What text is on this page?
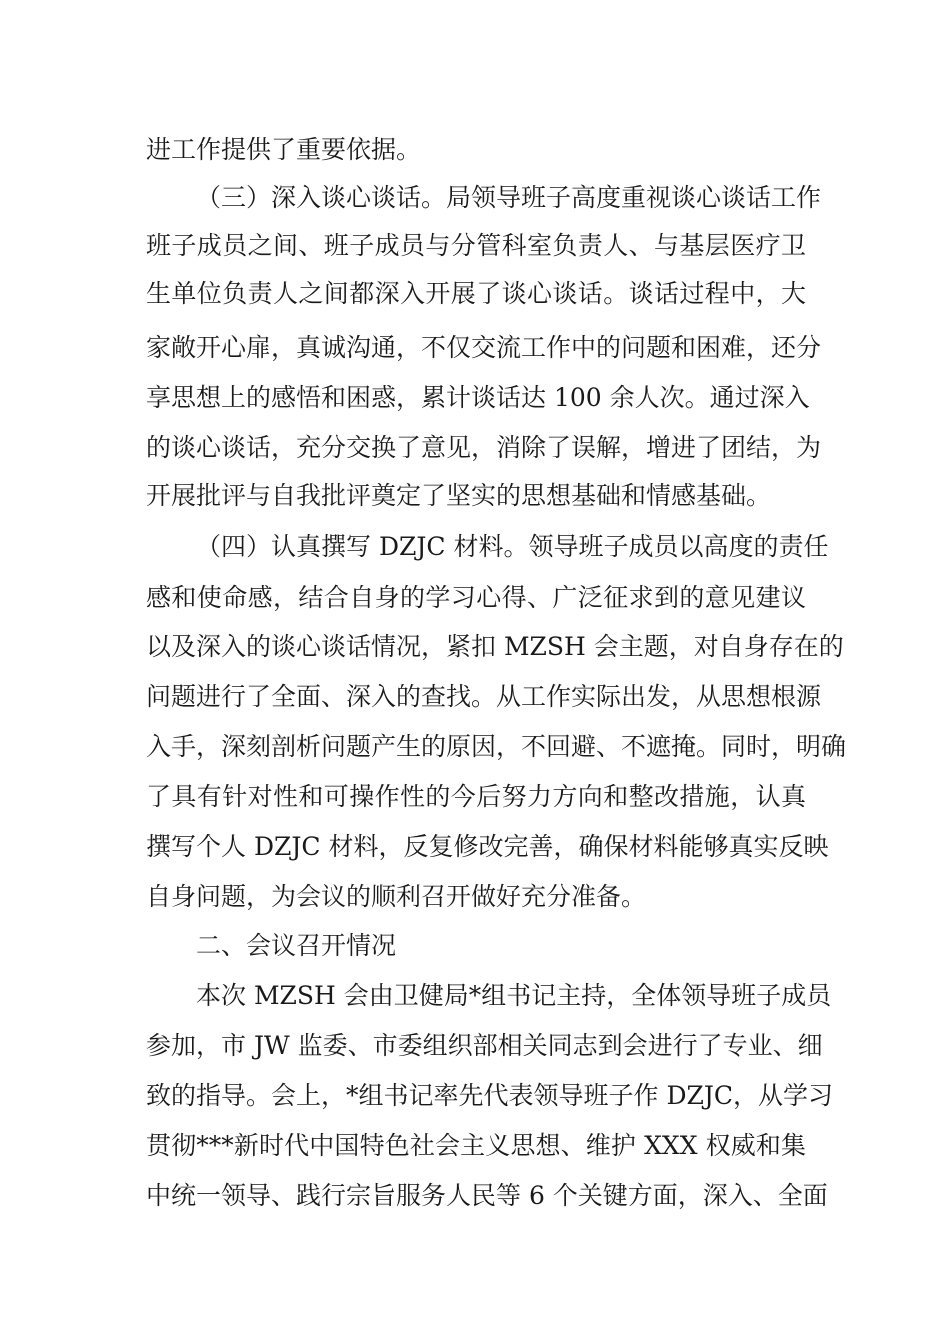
进工作提供了重要依据。
（三）深入谈心谈话。局领导班子高度重视谈心谈话工作
班子成员之间、班子成员与分管科室负责人、与基层医疗卫
生单位负责人之间都深入开展了谈心谈话。谈话过程中，大
家敞开心扉，真诚沟通，不仅交流工作中的问题和困难，还分
享思想上的感悟和困惑，累计谈话达 100 余人次。通过深入
的谈心谈话，充分交换了意见，消除了误解，增进了团结，为
开展批评与自我批评奠定了坚实的思想基础和情感基础。
（四）认真撰写 DZJC 材料。领导班子成员以高度的责任
感和使命感，结合自身的学习心得、广泛征求到的意见建议
以及深入的谈心谈话情况，紧扣 MZSH 会主题，对自身存在的
问题进行了全面、深入的查找。从工作实际出发，从思想根源
入手，深刻剖析问题产生的原因，不回避、不遮掩。同时，明确
了具有针对性和可操作性的今后努力方向和整改措施，认真
撰写个人 DZJC 材料，反复修改完善，确保材料能够真实反映
自身问题，为会议的顺利召开做好充分准备。
二、会议召开情况
本次 MZSH 会由卫健局*组书记主持，全体领导班子成员
参加，市 JW 监委、市委组织部相关同志到会进行了专业、细
致的指导。会上，*组书记率先代表领导班子作 DZJC，从学习
贯彻***新时代中国特色社会主义思想、维护 XXX 权威和集
中统一领导、践行宗旨服务人民等 6 个关键方面，深入、全面
